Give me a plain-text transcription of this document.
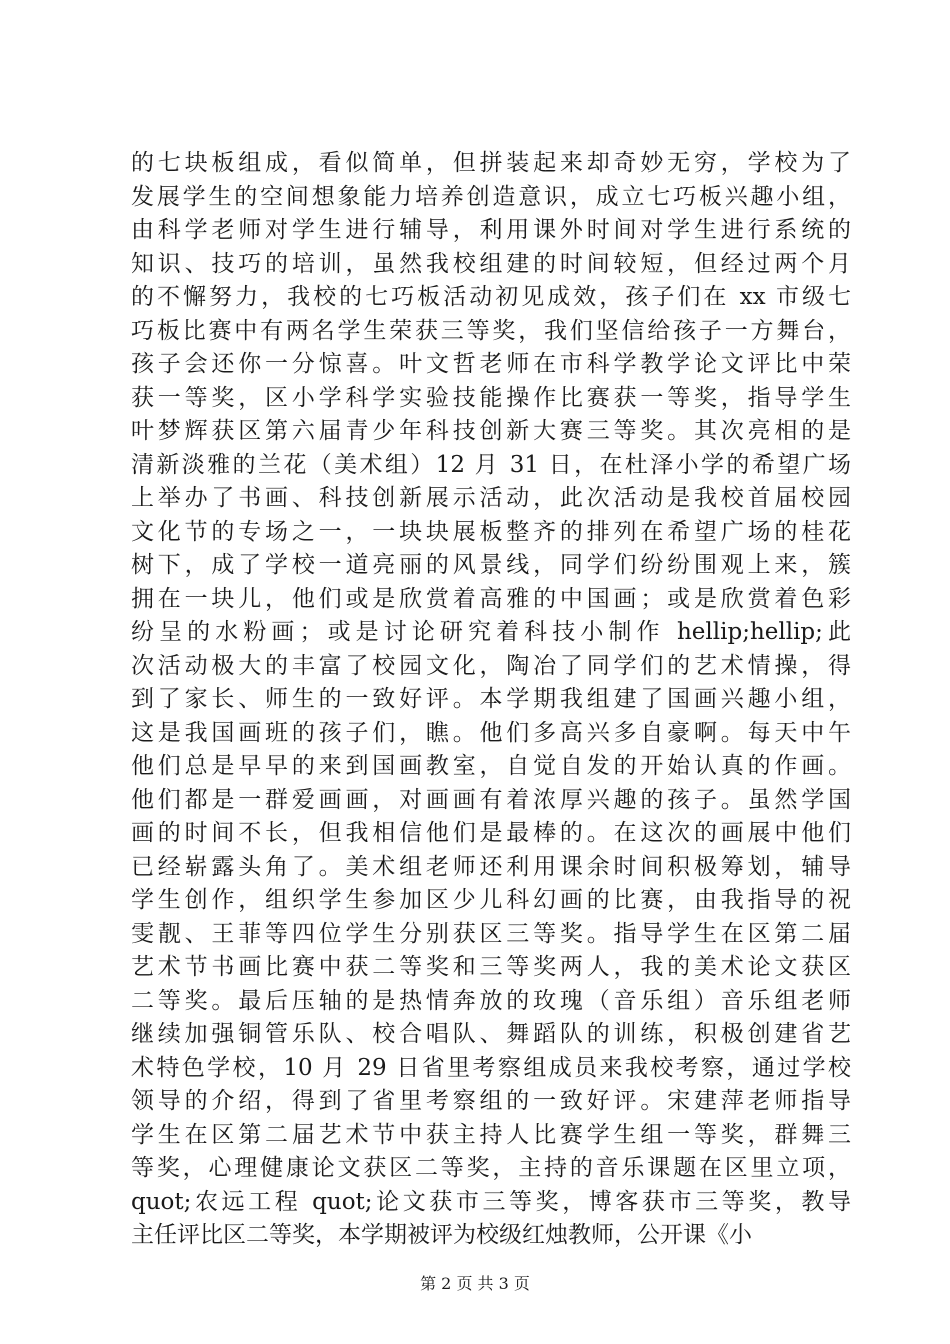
的七块板组成，看似简单，但拼装起来却奇妙无穷，学校为了
发展学生的空间想象能力培养创造意识，成立七巧板兴趣小组，
由科学老师对学生进行辅导，利用课外时间对学生进行系统的
知识、技巧的培训，虽然我校组建的时间较短，但经过两个月
的不懈努力，我校的七巧板活动初见成效，孩子们在 xx 市级七
巧板比赛中有两名学生荣获三等奖，我们坚信给孩子一方舞台，
孩子会还你一分惊喜。叶文哲老师在市科学教学论文评比中荣
获一等奖，区小学科学实验技能操作比赛获一等奖，指导学生
叶梦辉获区第六届青少年科技创新大赛三等奖。其次亮相的是
清新淡雅的兰花（美术组）12 月 31 日，在杜泽小学的希望广场
上举办了书画、科技创新展示活动，此次活动是我校首届校园
文化节的专场之一，一块块展板整齐的排列在希望广场的桂花
树下，成了学校一道亮丽的风景线，同学们纷纷围观上来，簇
拥在一块儿，他们或是欣赏着高雅的中国画；或是欣赏着色彩
纷呈的水粉画；或是讨论研究着科技小制作 hellip;hellip;此
次活动极大的丰富了校园文化，陶冶了同学们的艺术情操，得
到了家长、师生的一致好评。本学期我组建了国画兴趣小组，
这是我国画班的孩子们，瞧。他们多高兴多自豪啊。每天中午
他们总是早早的来到国画教室，自觉自发的开始认真的作画。
他们都是一群爱画画，对画画有着浓厚兴趣的孩子。虽然学国
画的时间不长，但我相信他们是最棒的。在这次的画展中他们
已经崭露头角了。美术组老师还利用课余时间积极筹划，辅导
学生创作，组织学生参加区少儿科幻画的比赛，由我指导的祝
雯靓、王菲等四位学生分别获区三等奖。指导学生在区第二届
艺术节书画比赛中获二等奖和三等奖两人，我的美术论文获区
二等奖。最后压轴的是热情奔放的玫瑰（音乐组）音乐组老师
继续加强铜管乐队、校合唱队、舞蹈队的训练，积极创建省艺
术特色学校，10 月 29 日省里考察组成员来我校考察，通过学校
领导的介绍，得到了省里考察组的一致好评。宋建萍老师指导
学生在区第二届艺术节中获主持人比赛学生组一等奖，群舞三
等奖，心理健康论文获区二等奖，主持的音乐课题在区里立项，
quot;农远工程 quot;论文获市三等奖，博客获市三等奖，教导
主任评比区二等奖，本学期被评为校级红烛教师，公开课《小
第 2 页 共 3 页
